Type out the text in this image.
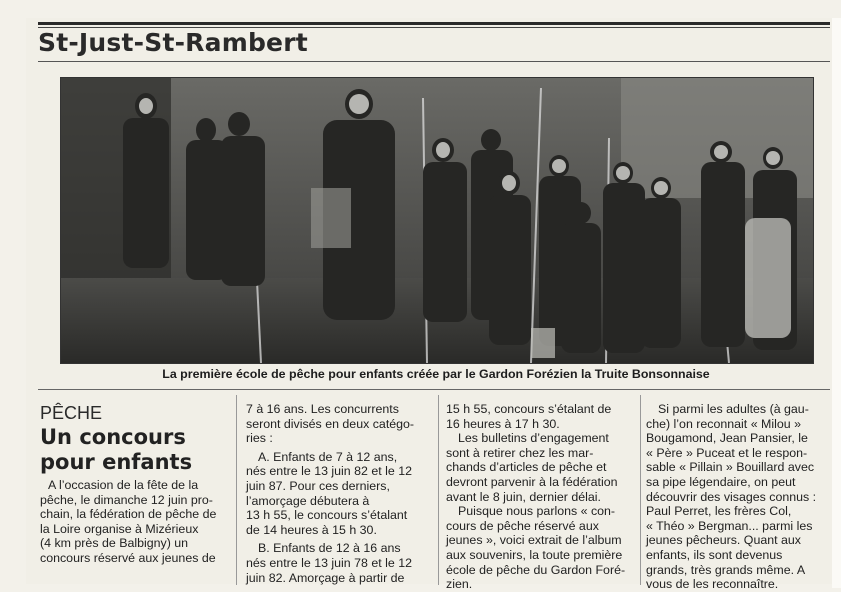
St-Just-St-Rambert
La première école de pêche pour enfants créée par le Gardon Forézien la Truite Bonsonnaise
PÊCHE
Un concours
pour enfants

A l’occasion de la fête de la

pêche, le dimanche 12 juin pro-

chain, la fédération de pêche de

la Loire organise à Mizérieux

(4 km près de Balbigny) un

concours réservé aux jeunes de

7 à 16 ans. Les concurrents

seront divisés en deux catégo-

ries :

A. Enfants de 7 à 12 ans,

nés entre le 13 juin 82 et le 12

juin 87. Pour ces derniers,

l’amorçage débutera à

13 h 55, le concours s’étalant

de 14 heures à 15 h 30.

B. Enfants de 12 à 16 ans

nés entre le 13 juin 78 et le 12

juin 82. Amorçage à partir de

15 h 55, concours s’étalant de

16 heures à 17 h 30.

Les bulletins d’engagement

sont à retirer chez les mar-

chands d’articles de pêche et

devront parvenir à la fédération

avant le 8 juin, dernier délai.

Puisque nous parlons « con-

cours de pêche réservé aux

jeunes », voici extrait de l’album

aux souvenirs, la toute première

école de pêche du Gardon Foré-

zien.

Si parmi les adultes (à gau-

che) l’on reconnait « Milou »

Bougamond, Jean Pansier, le

« Père » Puceat et le respon-

sable « Pillain » Bouillard avec

sa pipe légendaire, on peut

découvrir des visages connus :

Paul Perret, les frères Col,

« Théo » Bergman... parmi les

jeunes pêcheurs. Quant aux

enfants, ils sont devenus

grands, très grands même. A

vous de les reconnaître.
